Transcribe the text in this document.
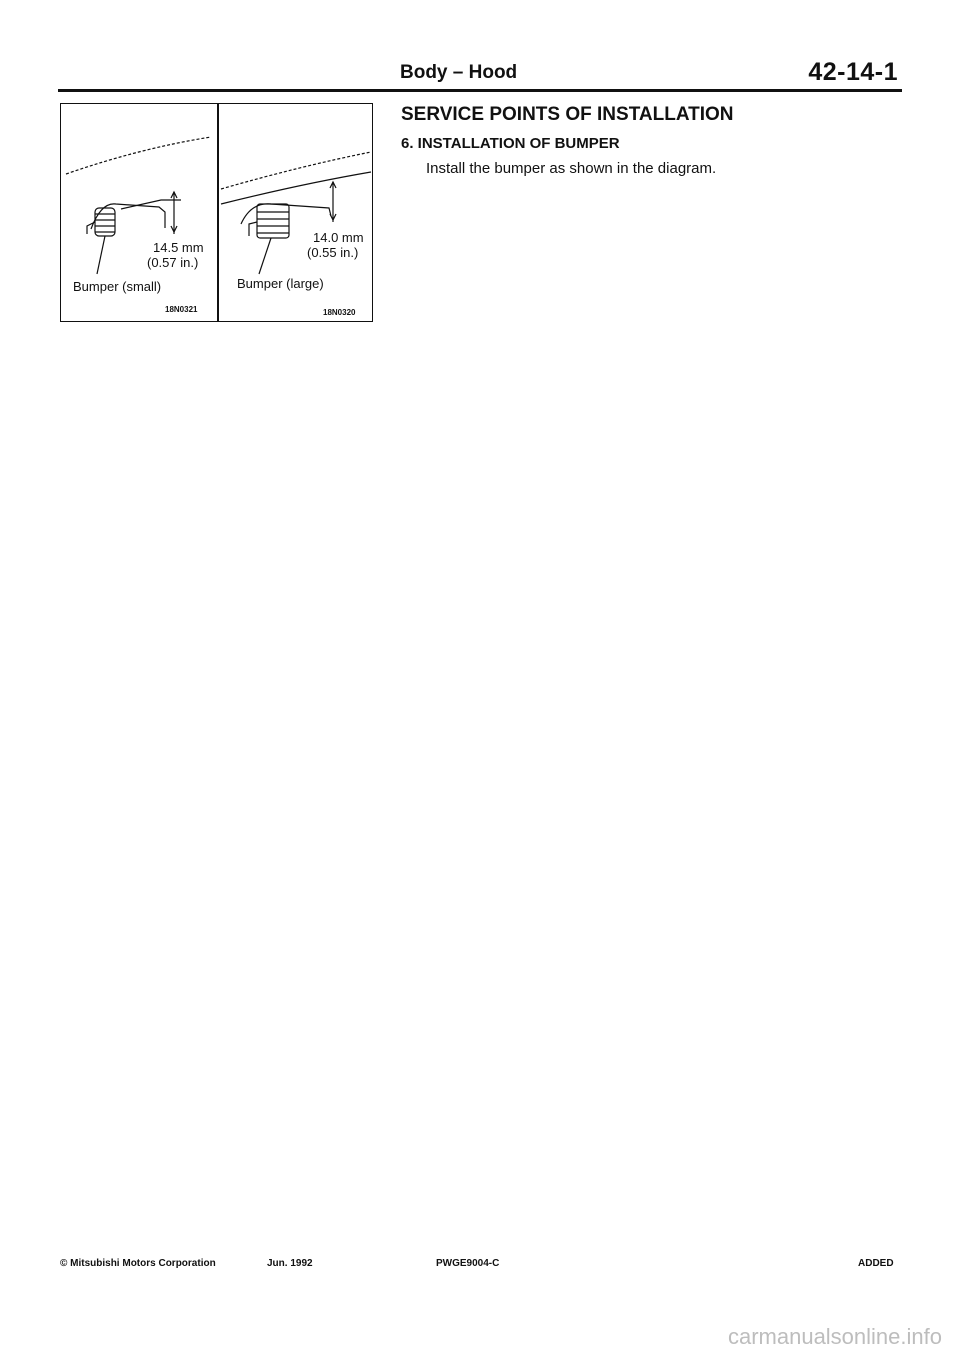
Body – Hood	42-14-1
14.5 mm
(0.57 in.)
Bumper (small)
18N0321
14.0 mm
(0.55 in.)
Bumper (large)
18N0320
SERVICE POINTS OF INSTALLATION
6. INSTALLATION OF BUMPER
Install the bumper as shown in the diagram.
© Mitsubishi Motors Corporation	Jun. 1992	PWGE9004-C	ADDED
carmanualsonline.info
